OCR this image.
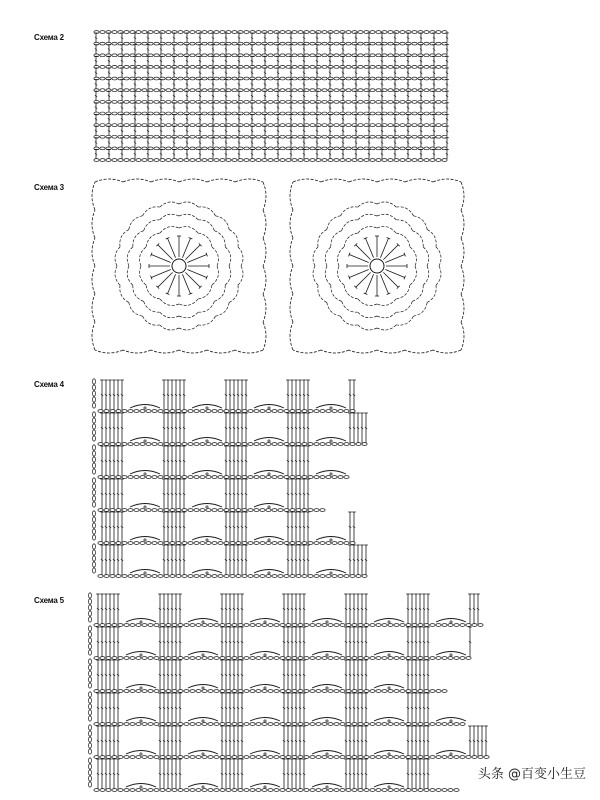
Схема 2
Схема 3
Схема 4
Схема 5
头条 @百变小生豆
